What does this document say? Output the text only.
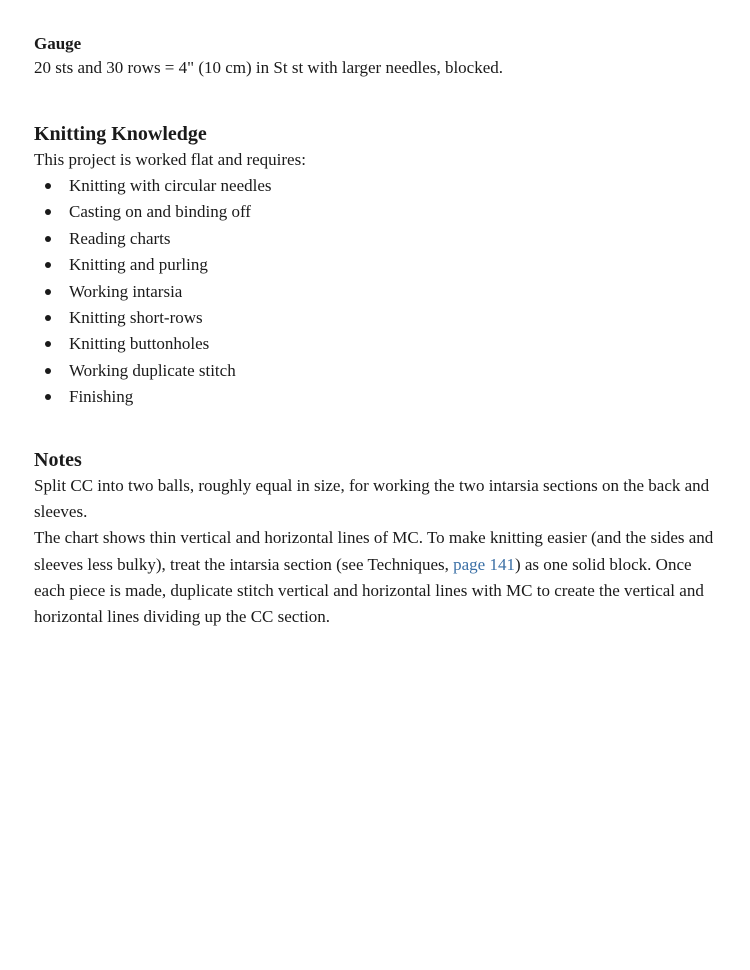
Gauge

20 sts and 30 rows = 4" (10 cm) in St st with larger needles, blocked.

Knitting Knowledge

This project is worked flat and requires:

Knitting with circular needles
Casting on and binding off
Reading charts
Knitting and purling
Working intarsia
Knitting short-rows
Knitting buttonholes
Working duplicate stitch
Finishing
Notes

Split CC into two balls, roughly equal in size, for working the two intarsia sections on the back and sleeves.

The chart shows thin vertical and horizontal lines of MC. To make knitting easier (and the sides and sleeves less bulky), treat the intarsia section (see Techniques, page 141) as one solid block. Once each piece is made, duplicate stitch vertical and horizontal lines with MC to create the vertical and horizontal lines dividing up the CC section.
